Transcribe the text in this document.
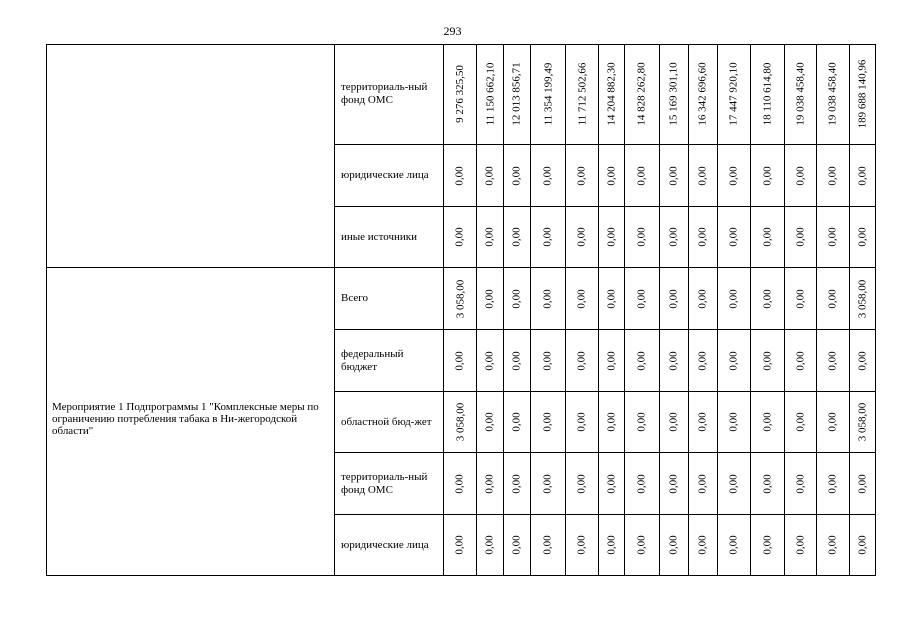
293
территориаль-ный фонд ОМС	9 276 325,50 11 150 662,10 12 013 856,71 11 354 199,49 11 712 502,66 14 204 882,30 14 828 262,80 15 169 301,10 16 342 696,60 17 447 920,10 18 110 614,80 19 038 458,40 19 038 458,40 189 688 140,96
юридические лица	0,00 0,00 0,00 0,00 0,00 0,00 0,00 0,00 0,00 0,00 0,00 0,00 0,00 0,00
иные источники	0,00 0,00 0,00 0,00 0,00 0,00 0,00 0,00 0,00 0,00 0,00 0,00 0,00 0,00
Мероприятие 1 Подпрограммы 1 "Комплексные меры по ограничению потребления табака в Ни-жегородской области"
Всего	3 058,00 0,00 0,00 0,00 0,00 0,00 0,00 0,00 0,00 0,00 0,00 0,00 0,00 3 058,00
федеральный бюджет	0,00 0,00 0,00 0,00 0,00 0,00 0,00 0,00 0,00 0,00 0,00 0,00 0,00 0,00
областной бюд-жет	3 058,00 0,00 0,00 0,00 0,00 0,00 0,00 0,00 0,00 0,00 0,00 0,00 0,00 3 058,00
территориаль-ный фонд ОМС	0,00 0,00 0,00 0,00 0,00 0,00 0,00 0,00 0,00 0,00 0,00 0,00 0,00 0,00
юридические лица	0,00 0,00 0,00 0,00 0,00 0,00 0,00 0,00 0,00 0,00 0,00 0,00 0,00 0,00
